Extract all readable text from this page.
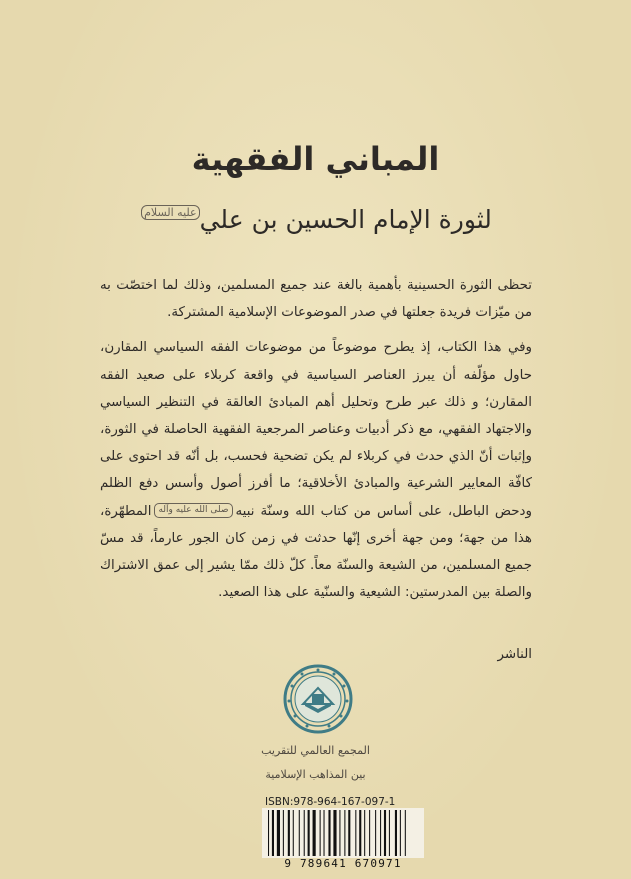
المباني الفقهية
لثورة الإمام الحسين بن عليعليه السلام

تحظى الثورة الحسينية بأهمية بالغة عند جميع المسلمين، وذلك لما اختصّت به من ميّزات فريدة جعلتها في صدر الموضوعات الإسلامية المشتركة.

وفي هذا الكتاب، إذ يطرح موضوعاً من موضوعات الفقه السياسي المقارن، حاول مؤلّفه أن يبرز العناصر السياسية في واقعة كربلاء على صعيد الفقه المقارن؛ و ذلك عبر طرح وتحليل أهم المبادئ العالقة في التنظير السياسي والاجتهاد الفقهي، مع ذكر أدبيات وعناصر المرجعية الفقهية الحاصلة في الثورة، وإثبات أنّ الذي حدث في كربلاء لم يكن تضحية فحسب، بل أنّه قد احتوى على كافّة المعايير الشرعية والمبادئ الأخلاقية؛ ما أفرز أصول وأسس دفع الظلم ودحض الباطل، على أساس من كتاب الله وسنّة نبيهصلى الله عليه وآلهالمطهّرة، هذا من جهة؛ ومن جهة أخرى إنّها حدثت في زمن كان الجور عارماً، قد مسّ جميع المسلمين، من الشيعة والسنّة معاً. كلّ ذلك ممّا يشير إلى عمق الاشتراك والصلة بين المدرستين: الشيعية والسنّية على هذا الصعيد.

الناشر
المجمع العالمي للتقريب
بين المذاهب الإسلامية
ISBN:978-964-167-097-1
9 789641 670971
